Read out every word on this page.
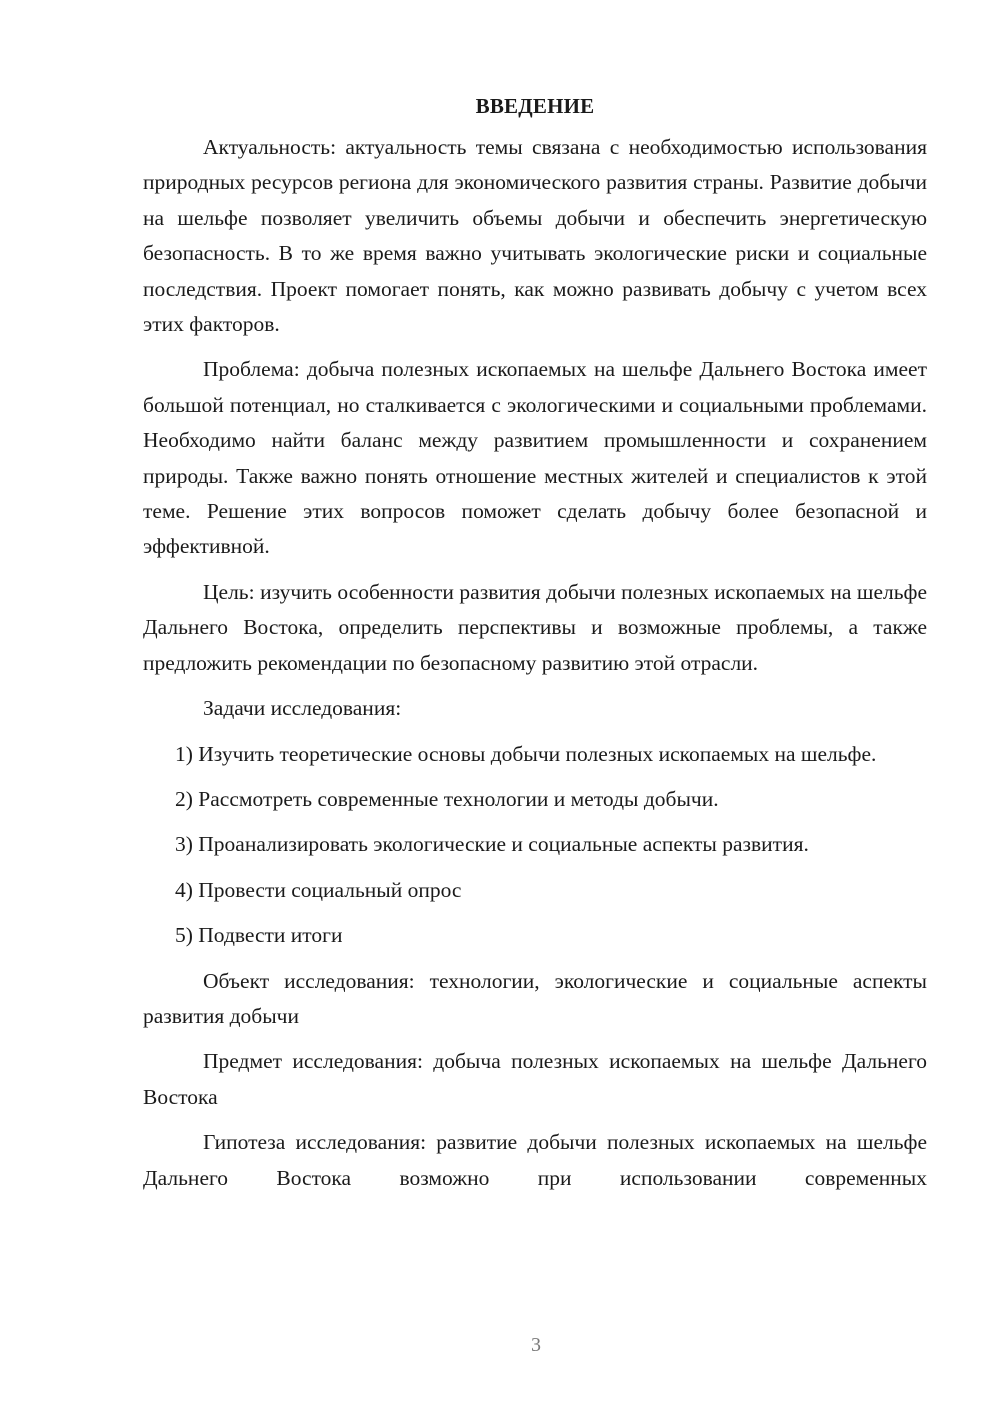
ВВЕДЕНИЕ

Актуальность: актуальность темы связана с необходимостью использования природных ресурсов региона для экономического развития страны. Развитие добычи на шельфе позволяет увеличить объемы добычи и обеспечить энергетическую безопасность. В то же время важно учитывать экологические риски и социальные последствия. Проект помогает понять, как можно развивать добычу с учетом всех этих факторов.

Проблема: добыча полезных ископаемых на шельфе Дальнего Востока имеет большой потенциал, но сталкивается с экологическими и социальными проблемами. Необходимо найти баланс между развитием промышленности и сохранением природы. Также важно понять отношение местных жителей и специалистов к этой теме. Решение этих вопросов поможет сделать добычу более безопасной и эффективной.

Цель: изучить особенности развития добычи полезных ископаемых на шельфе Дальнего Востока, определить перспективы и возможные проблемы, а также предложить рекомендации по безопасному развитию этой отрасли.

Задачи исследования:

1) Изучить теоретические основы добычи полезных ископаемых на шельфе.

2) Рассмотреть современные технологии и методы добычи.

3) Проанализировать экологические и социальные аспекты развития.

4) Провести социальный опрос

5) Подвести итоги

Объект исследования: технологии, экологические и социальные аспекты развития добычи

Предмет исследования: добыча полезных ископаемых на шельфе Дальнего Востока

Гипотеза исследования: развитие добычи полезных ископаемых на шельфе Дальнего Востока возможно при использовании современных

3
